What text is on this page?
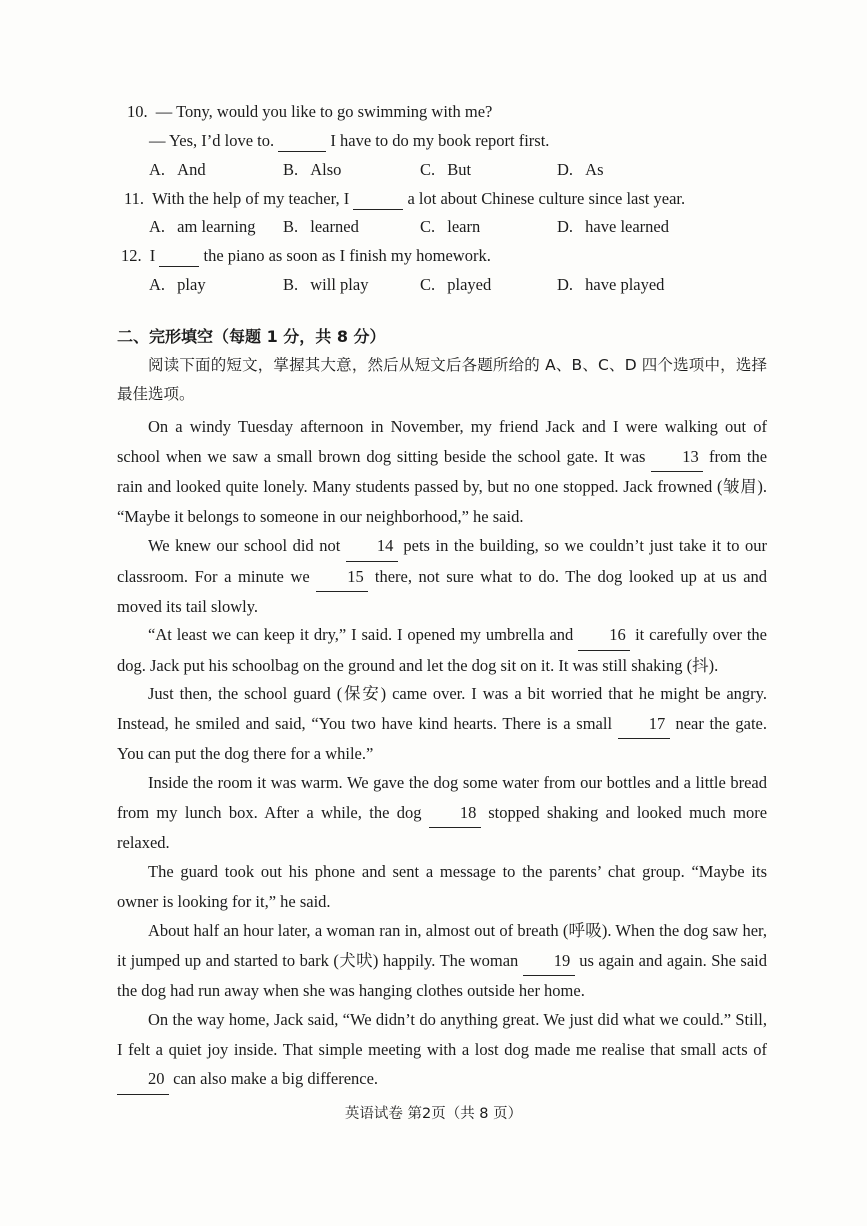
10. — Tony, would you like to go swimming with me?
— Yes, I’d love to.	I have to do my book report first.
A. And	B. Also	C. But	D. As
11. With the help of my teacher, I	a lot about Chinese culture since last year.
A. am learning B. learned	C. learn	D. have learned
12. I	the piano as soon as I finish my homework.
A. play	B. will play	C. played	D. have played
二、完形填空（每题 1 分，共 8 分）
阅读下面的短文，掌握其大意，然后从短文后各题所给的 A、B、C、D 四个选项中，选择最佳选项。
On a windy Tuesday afternoon in November, my friend Jack and I were walking out of school when we saw a small brown dog sitting beside the school gate. It was 13 from the rain and looked quite lonely. Many students passed by, but no one stopped. Jack frowned (皱眉). “Maybe it belongs to someone in our neighborhood,” he said.
We knew our school did not 14 pets in the building, so we couldn’t just take it to our classroom. For a minute we 15 there, not sure what to do. The dog looked up at us and moved its tail slowly.
“At least we can keep it dry,” I said. I opened my umbrella and 16 it carefully over the dog. Jack put his schoolbag on the ground and let the dog sit on it. It was still shaking (抖).
Just then, the school guard (保安) came over. I was a bit worried that he might be angry. Instead, he smiled and said, “You two have kind hearts. There is a small 17 near the gate. You can put the dog there for a while.”
Inside the room it was warm. We gave the dog some water from our bottles and a little bread from my lunch box. After a while, the dog 18 stopped shaking and looked much more relaxed.
The guard took out his phone and sent a message to the parents’ chat group. “Maybe its owner is looking for it,” he said.
About half an hour later, a woman ran in, almost out of breath (呼吸). When the dog saw her, it jumped up and started to bark (犬吠) happily. The woman 19 us again and again. She said the dog had run away when she was hanging clothes outside her home.
On the way home, Jack said, “We didn’t do anything great. We just did what we could.” Still, I felt a quiet joy inside. That simple meeting with a lost dog made me realise that small acts of 20 can also make a big difference.
英语试卷 第2页（共 8 页）
